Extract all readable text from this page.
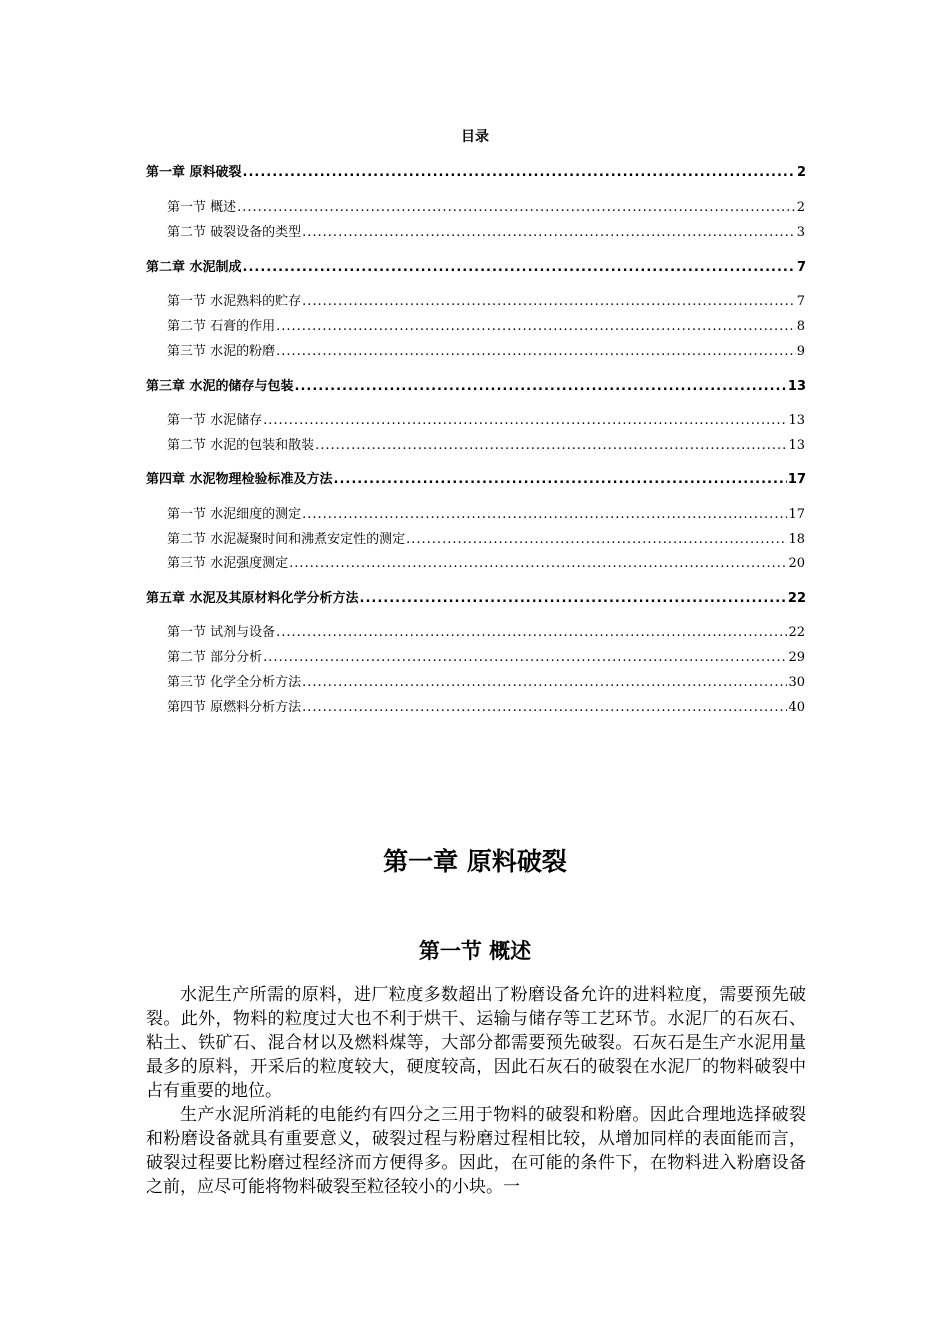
目录
第一章 原料破裂 .....	2
第一节 概述 .....	2
第二节 破裂设备的类型 .....	3
第二章 水泥制成 .....	7
第一节 水泥熟料的贮存 .....	7
第二节 石膏的作用 .....	8
第三节 水泥的粉磨 .....	9
第三章 水泥的储存与包装 .....	13
第一节 水泥储存 .....	13
第二节 水泥的包装和散装 .....	13
第四章 水泥物理检验标准及方法 .....	17
第一节 水泥细度的测定 .....	17
第二节 水泥凝聚时间和沸煮安定性的测定 .....	18
第三节 水泥强度测定 .....	20
第五章 水泥及其原材料化学分析方法 .....	22
第一节 试剂与设备 .....	22
第二节 部分分析 .....	29
第三节 化学全分析方法 .....	30
第四节 原燃料分析方法 .....	40
第一章 原料破裂
第一节 概述

水泥生产所需的原料，进厂粒度多数超出了粉磨设备允许的进料粒度，需要预先破裂。此外，物料的粒度过大也不利于烘干、运输与储存等工艺环节。水泥厂的石灰石、粘土、铁矿石、混合材以及燃料煤等，大部分都需要预先破裂。石灰石是生产水泥用量最多的原料，开采后的粒度较大，硬度较高，因此石灰石的破裂在水泥厂的物料破裂中占有重要的地位。

生产水泥所消耗的电能约有四分之三用于物料的破裂和粉磨。因此合理地选择破裂和粉磨设备就具有重要意义，破裂过程与粉磨过程相比较，从增加同样的表面能而言，破裂过程要比粉磨过程经济而方便得多。因此，在可能的条件下，在物料进入粉磨设备之前，应尽可能将物料破裂至粒径较小的小块。一
